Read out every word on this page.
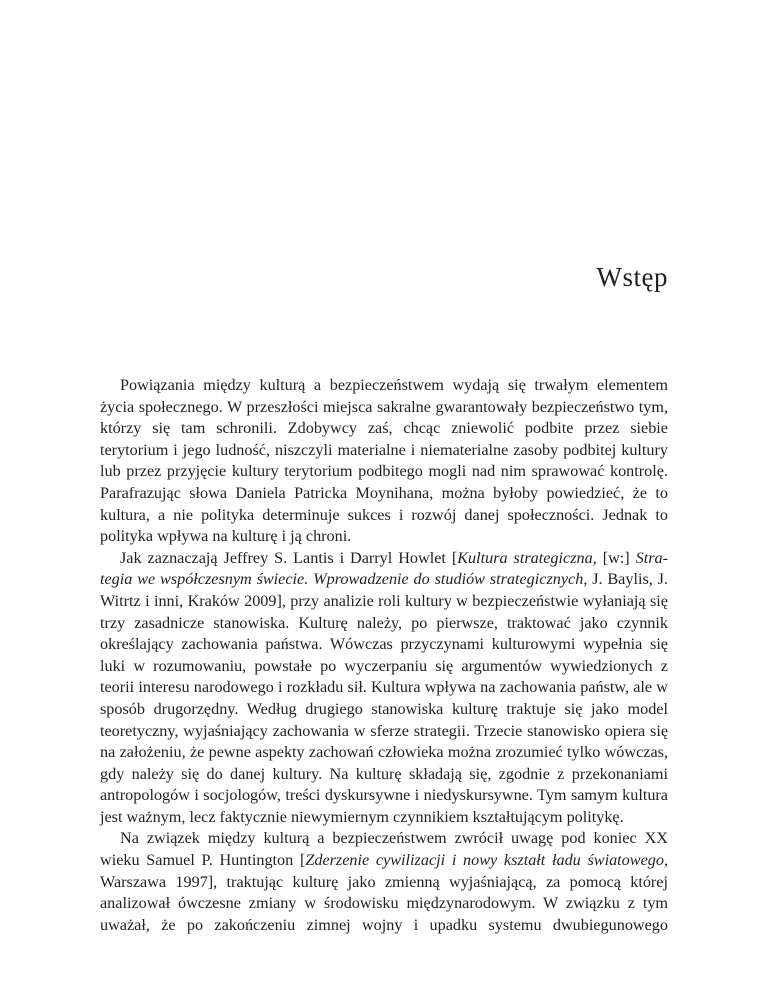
Wstęp

Powiązania między kulturą a bezpieczeństwem wydają się trwałym elementem życia społecznego. W przeszłości miejsca sakralne gwarantowały bezpieczeństwo tym, którzy się tam schronili. Zdobywcy zaś, chcąc zniewolić podbite przez siebie terytorium i jego ludność, niszczyli materialne i niematerialne zasoby podbitej kultury lub przez przyjęcie kultury terytorium podbitego mogli nad nim sprawować kontrolę. Parafrazując słowa Daniela Patricka Moynihana, można byłoby powiedzieć, że to kultura, a nie polityka determinuje sukces i rozwój danej społeczności. Jednak to polityka wpływa na kulturę i ją chroni.

Jak zaznaczają Jeffrey S. Lantis i Darryl Howlet [Kultura strategiczna, [w:] Strategia we współczesnym świecie. Wprowadzenie do studiów strategicznych, J. Baylis, J. Witrtz i inni, Kraków 2009], przy analizie roli kultury w bezpieczeństwie wyłaniają się trzy zasadnicze stanowiska. Kulturę należy, po pierwsze, traktować jako czynnik określający zachowania państwa. Wówczas przyczynami kulturowymi wypełnia się luki w rozumowaniu, powstałe po wyczerpaniu się argumentów wywiedzionych z teorii interesu narodowego i rozkładu sił. Kultura wpływa na zachowania państw, ale w sposób drugorzędny. Według drugiego stanowiska kulturę traktuje się jako model teoretyczny, wyjaśniający zachowania w sferze strategii. Trzecie stanowisko opiera się na założeniu, że pewne aspekty zachowań człowieka można zrozumieć tylko wówczas, gdy należy się do danej kultury. Na kulturę składają się, zgodnie z przekonaniami antropologów i socjologów, treści dyskursywne i niedyskursywne. Tym samym kultura jest ważnym, lecz faktycznie niewymiernym czynnikiem kształtującym politykę.

Na związek między kulturą a bezpieczeństwem zwrócił uwagę pod koniec XX wieku Samuel P. Huntington [Zderzenie cywilizacji i nowy kształt ładu światowego, Warszawa 1997], traktując kulturę jako zmienną wyjaśniającą, za pomocą której analizował ówczesne zmiany w środowisku międzynarodowym. W związku z tym uważał, że po zakończeniu zimnej wojny i upadku systemu dwubiegunowego
